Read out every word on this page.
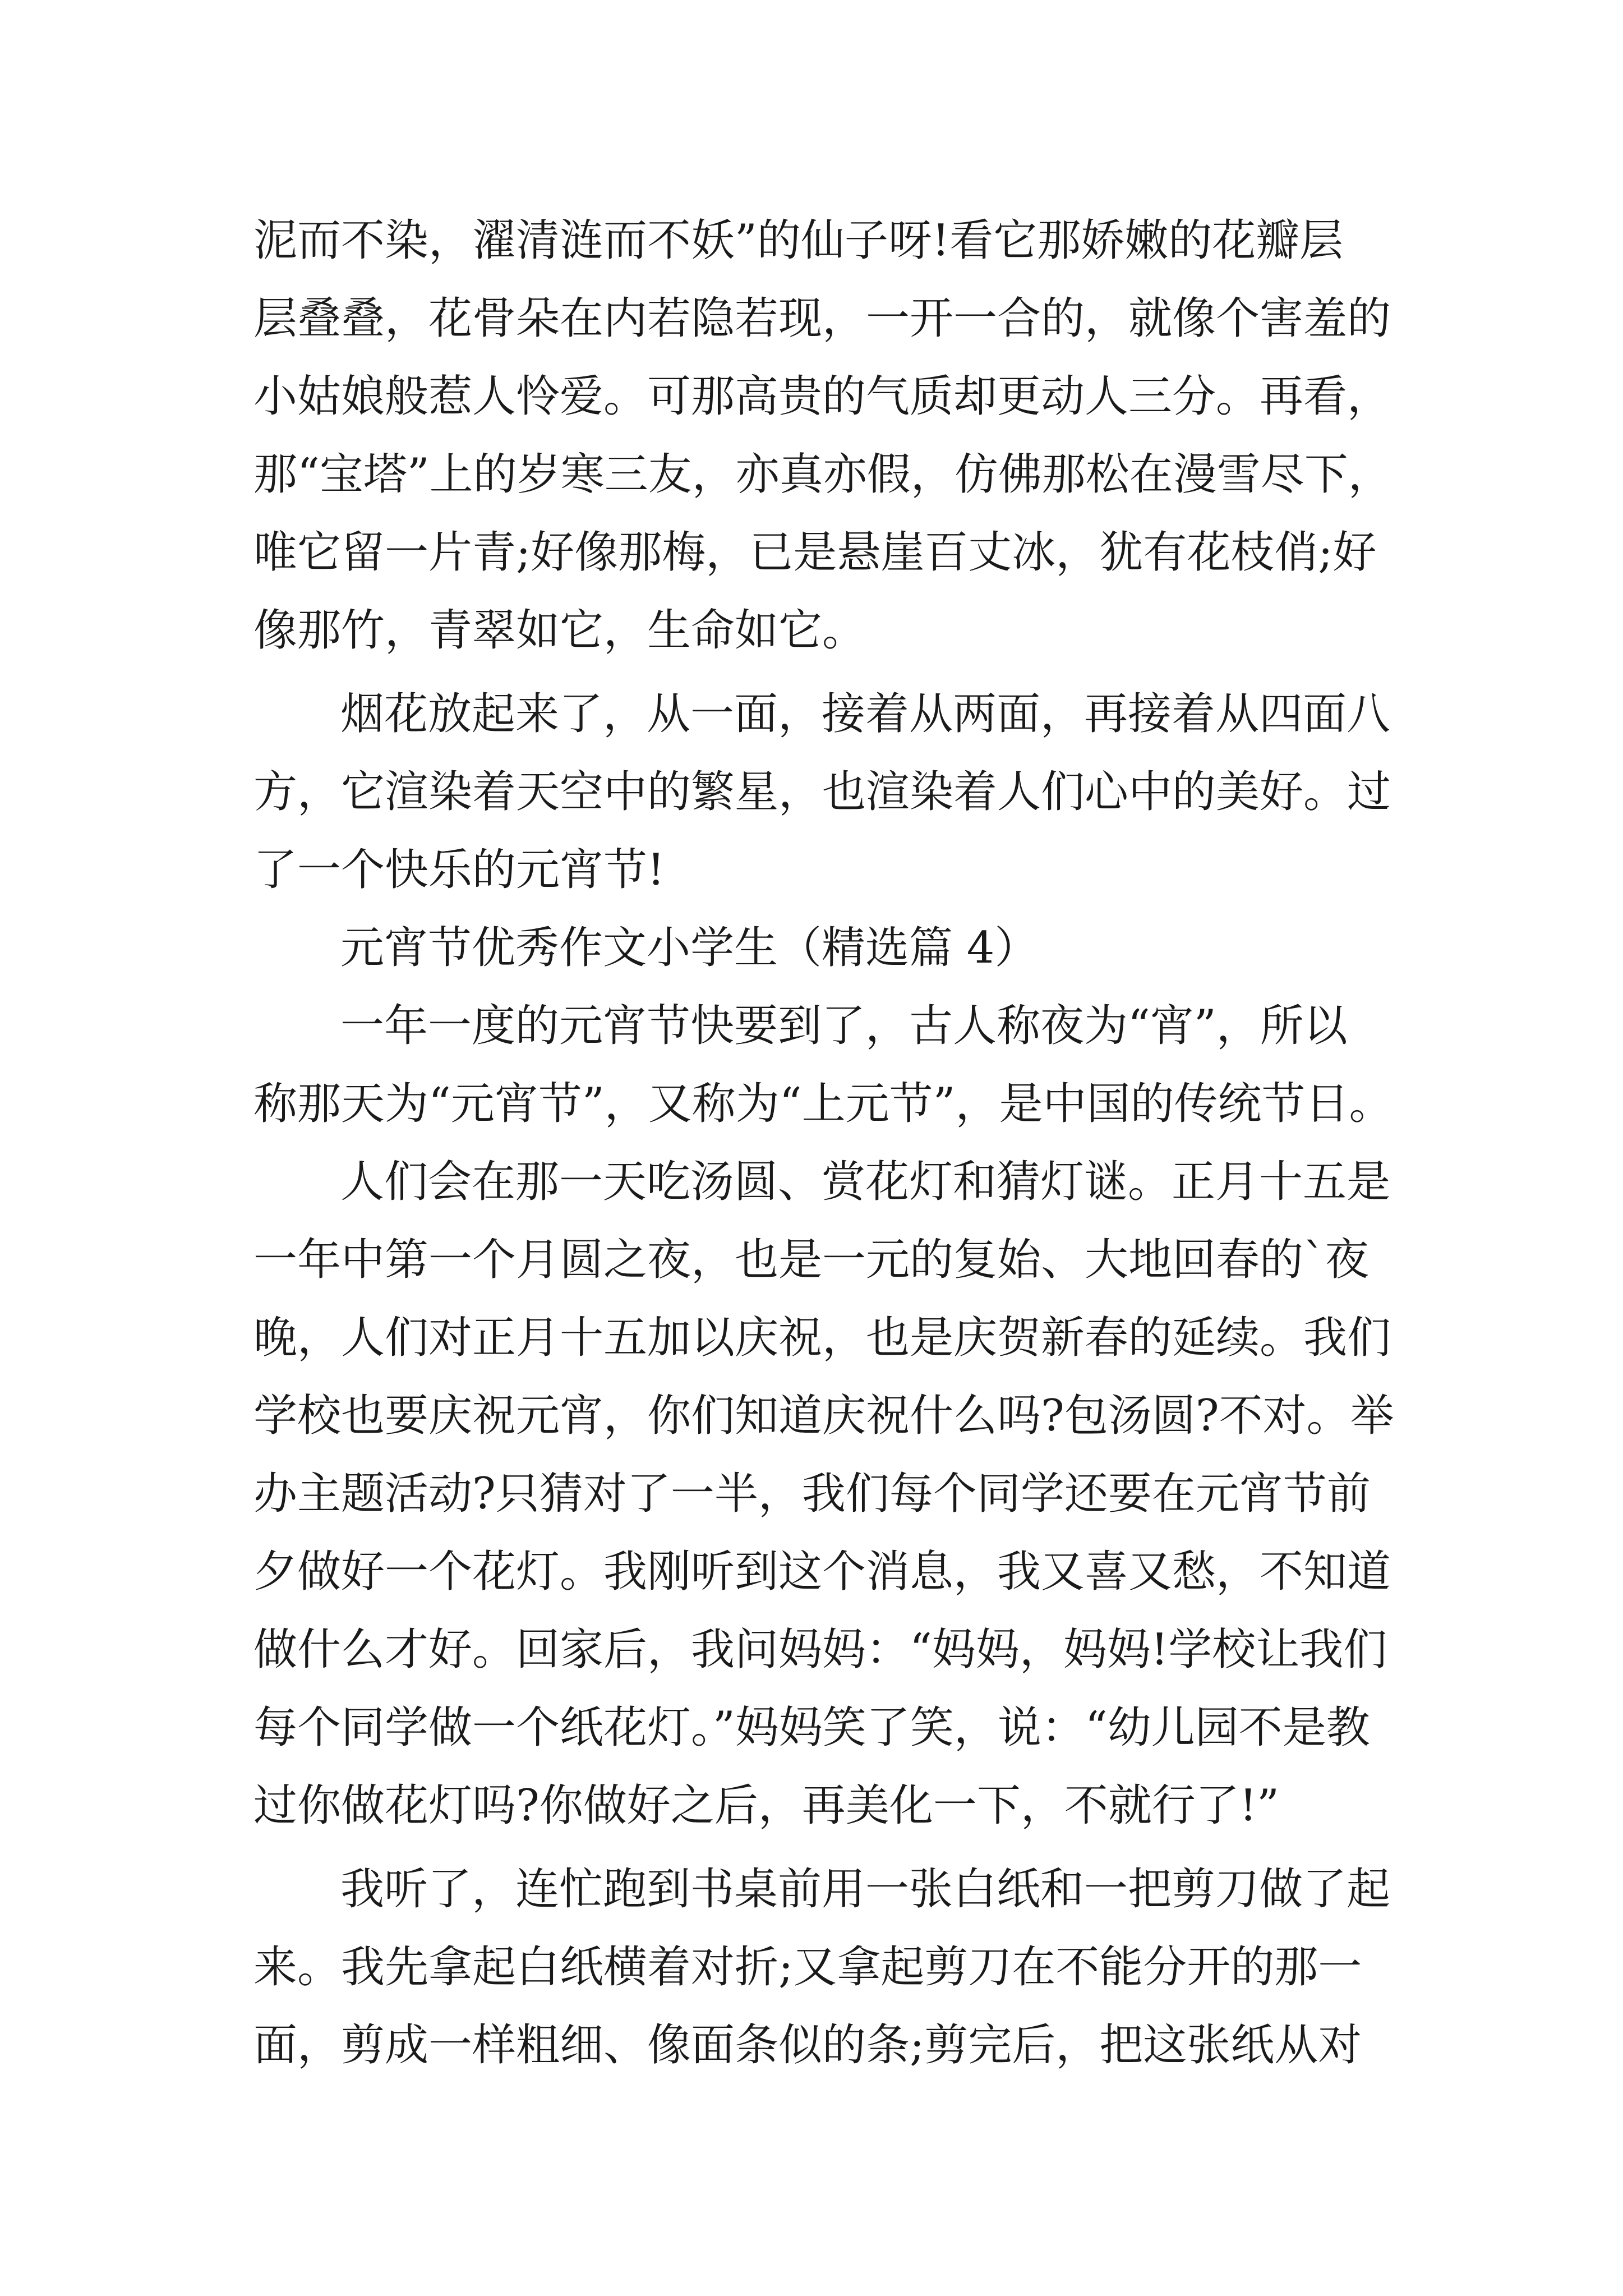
泥而不染，濯清涟而不妖”的仙子呀!看它那娇嫩的花瓣层
层叠叠，花骨朵在内若隐若现，一开一合的，就像个害羞的
小姑娘般惹人怜爱。可那高贵的气质却更动人三分。再看，
那“宝塔”上的岁寒三友，亦真亦假，仿佛那松在漫雪尽下，
唯它留一片青;好像那梅，已是悬崖百丈冰，犹有花枝俏;好
像那竹，青翠如它，生命如它。
烟花放起来了，从一面，接着从两面，再接着从四面八
方，它渲染着天空中的繁星，也渲染着人们心中的美好。过
了一个快乐的元宵节!
元宵节优秀作文小学生（精选篇 4）
一年一度的元宵节快要到了，古人称夜为“宵”，所以
称那天为“元宵节”，又称为“上元节”，是中国的传统节日。
人们会在那一天吃汤圆、赏花灯和猜灯谜。正月十五是
一年中第一个月圆之夜，也是一元的复始、大地回春的`夜
晚，人们对正月十五加以庆祝，也是庆贺新春的延续。我们
学校也要庆祝元宵，你们知道庆祝什么吗?包汤圆?不对。举
办主题活动?只猜对了一半，我们每个同学还要在元宵节前
夕做好一个花灯。我刚听到这个消息，我又喜又愁，不知道
做什么才好。回家后，我问妈妈：“妈妈，妈妈!学校让我们
每个同学做一个纸花灯。”妈妈笑了笑，说：“幼儿园不是教
过你做花灯吗?你做好之后，再美化一下，不就行了!”
我听了，连忙跑到书桌前用一张白纸和一把剪刀做了起
来。我先拿起白纸横着对折;又拿起剪刀在不能分开的那一
面，剪成一样粗细、像面条似的条;剪完后，把这张纸从对
